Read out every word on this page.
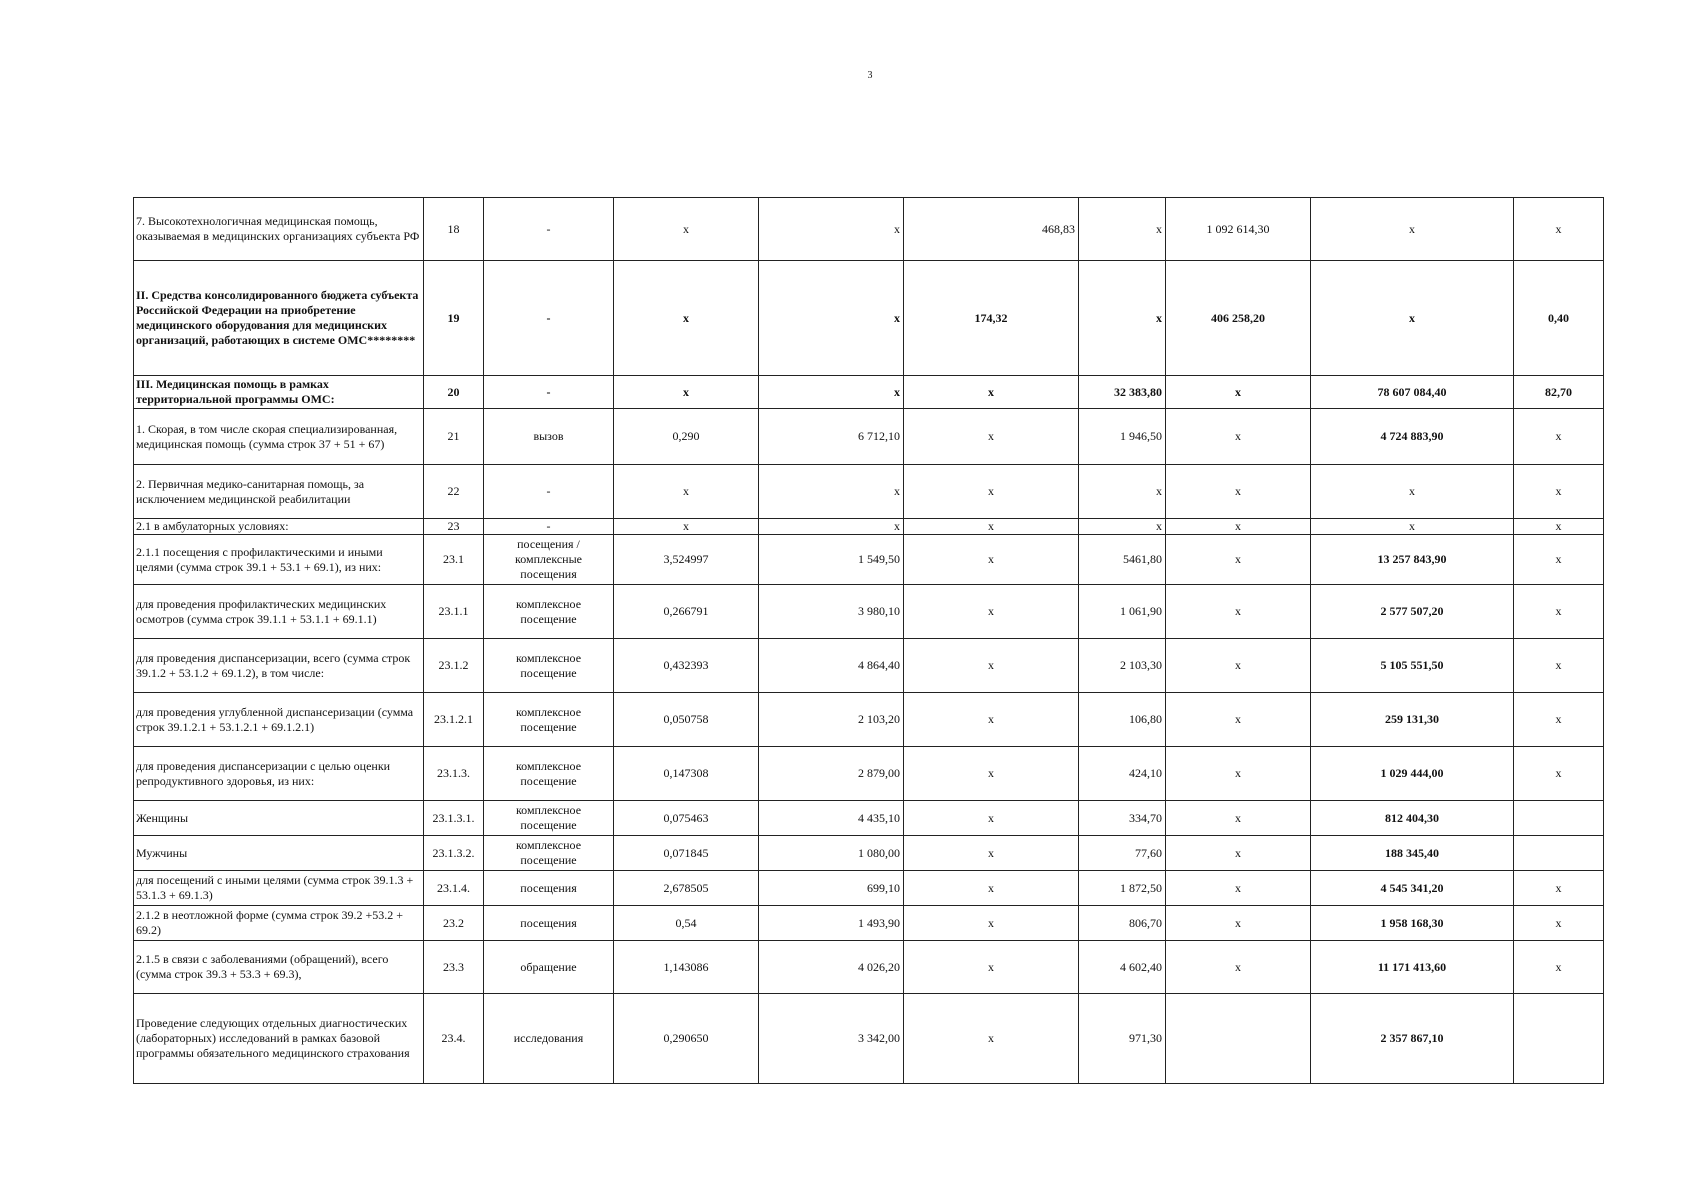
3
7. Высокотехнологичная медицинская помощь, оказываемая в медицинских организациях субъекта РФ	18	-	х	х	468,83	х	1 092 614,30	х	х
II. Средства консолидированного бюджета субъекта Российской Федерации на приобретение медицинского оборудования для медицинских организаций, работающих в системе ОМС********	19	-	х	х	174,32	х	406 258,20	х	0,40
III. Медицинская помощь в рамках территориальной программы ОМС:	20	-	х	х	х	32 383,80	х	78 607 084,40	82,70
1. Скорая, в том числе скорая специализированная, медицинская помощь (сумма строк 37 + 51 + 67)	21	вызов	0,290	6 712,10	х	1 946,50	х	4 724 883,90	х
2. Первичная медико-санитарная помощь, за исключением медицинской реабилитации	22	-	х	х	х	х	х	х	х
2.1 в амбулаторных условиях:	23	-	х	х	х	х	х	х	х
2.1.1 посещения с профилактическими и иными целями (сумма строк 39.1 + 53.1 + 69.1), из них:	23.1	посещения / комплексные посещения	3,524997	1 549,50	х	5461,80	х	13 257 843,90	х
для проведения профилактических медицинских осмотров (сумма строк 39.1.1 + 53.1.1 + 69.1.1)	23.1.1	комплексное посещение	0,266791	3 980,10	х	1 061,90	х	2 577 507,20	х
для проведения диспансеризации, всего (сумма строк 39.1.2 + 53.1.2 + 69.1.2), в том числе:	23.1.2	комплексное посещение	0,432393	4 864,40	х	2 103,30	х	5 105 551,50	х
для проведения углубленной диспансеризации (сумма строк 39.1.2.1 + 53.1.2.1 + 69.1.2.1)	23.1.2.1	комплексное посещение	0,050758	2 103,20	х	106,80	х	259 131,30	х
для проведения диспансеризации с целью оценки репродуктивного здоровья, из них:	23.1.3.	комплексное посещение	0,147308	2 879,00	х	424,10	х	1 029 444,00	х
Женщины	23.1.3.1.	комплексное посещение	0,075463	4 435,10	х	334,70	х	812 404,30	
Мужчины	23.1.3.2.	комплексное посещение	0,071845	1 080,00	х	77,60	х	188 345,40	
для посещений с иными целями (сумма строк 39.1.3 + 53.1.3 + 69.1.3)	23.1.4.	посещения	2,678505	699,10	х	1 872,50	х	4 545 341,20	х
2.1.2 в неотложной форме (сумма строк 39.2 +53.2 + 69.2)	23.2	посещения	0,54	1 493,90	х	806,70	х	1 958 168,30	х
2.1.5 в связи с заболеваниями (обращений), всего (сумма строк 39.3 + 53.3 + 69.3),	23.3	обращение	1,143086	4 026,20	х	4 602,40	х	11 171 413,60	х
Проведение следующих отдельных диагностических (лабораторных) исследований в рамках базовой программы обязательного медицинского страхования	23.4.	исследования	0,290650	3 342,00	х	971,30		2 357 867,10	
